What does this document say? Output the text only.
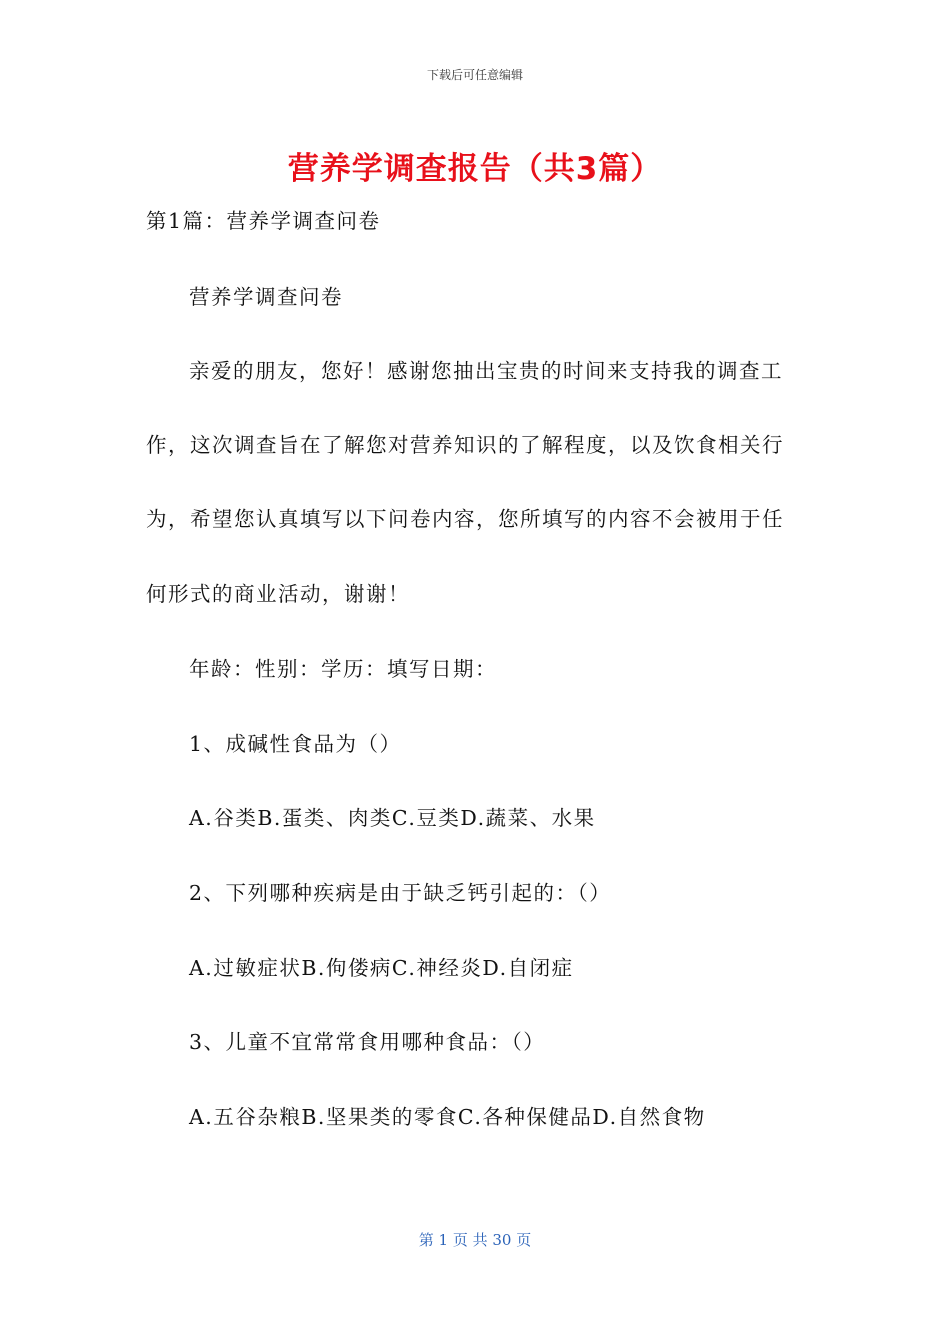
下载后可任意编辑
营养学调查报告（共3篇）
第1篇：营养学调查问卷
营养学调查问卷
亲爱的朋友，您好！感谢您抽出宝贵的时间来支持我的调查工
作，这次调查旨在了解您对营养知识的了解程度，以及饮食相关行
为，希望您认真填写以下问卷内容，您所填写的内容不会被用于任
何形式的商业活动，谢谢！
年龄：性别：学历：填写日期：
1、成碱性食品为（）
A.谷类B.蛋类、肉类C.豆类D.蔬菜、水果
2、下列哪种疾病是由于缺乏钙引起的：（）
A.过敏症状B.佝偻病C.神经炎D.自闭症
3、儿童不宜常常食用哪种食品：（）
A.五谷杂粮B.坚果类的零食C.各种保健品D.自然食物
第 1 页 共 30 页
